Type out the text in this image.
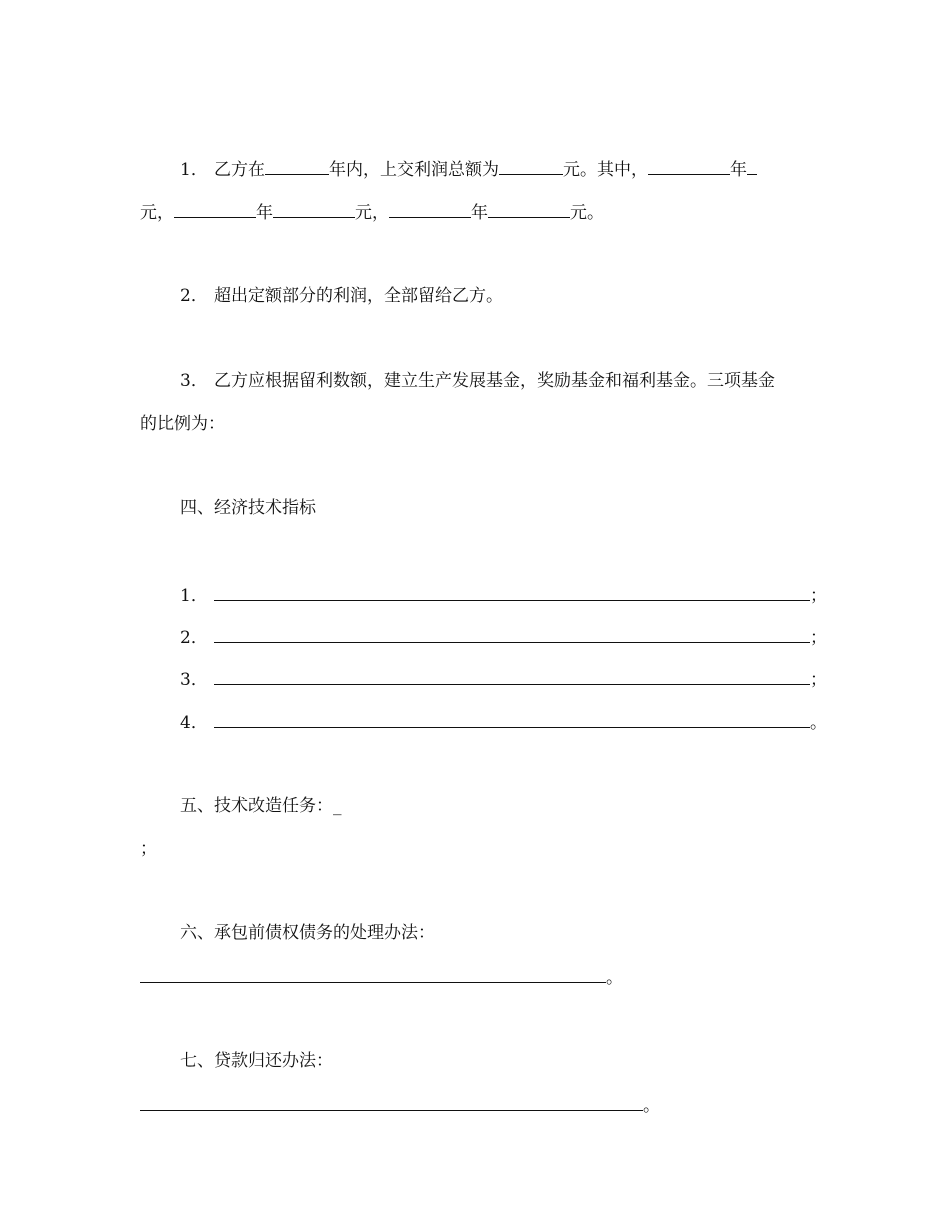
1． 乙方在	年内，上交利润总额为	元。其中，	年
元，	年	元，	年	元。
2． 超出定额部分的利润，全部留给乙方。
3． 乙方应根据留利数额，建立生产发展基金，奖励基金和福利基金。三项基金
的比例为：
四、经济技术指标
1．	；
2．	；
3．	；
4．	。
五、技术改造任务：_
；
六、承包前债权债务的处理办法：
。
七、贷款归还办法：
。
